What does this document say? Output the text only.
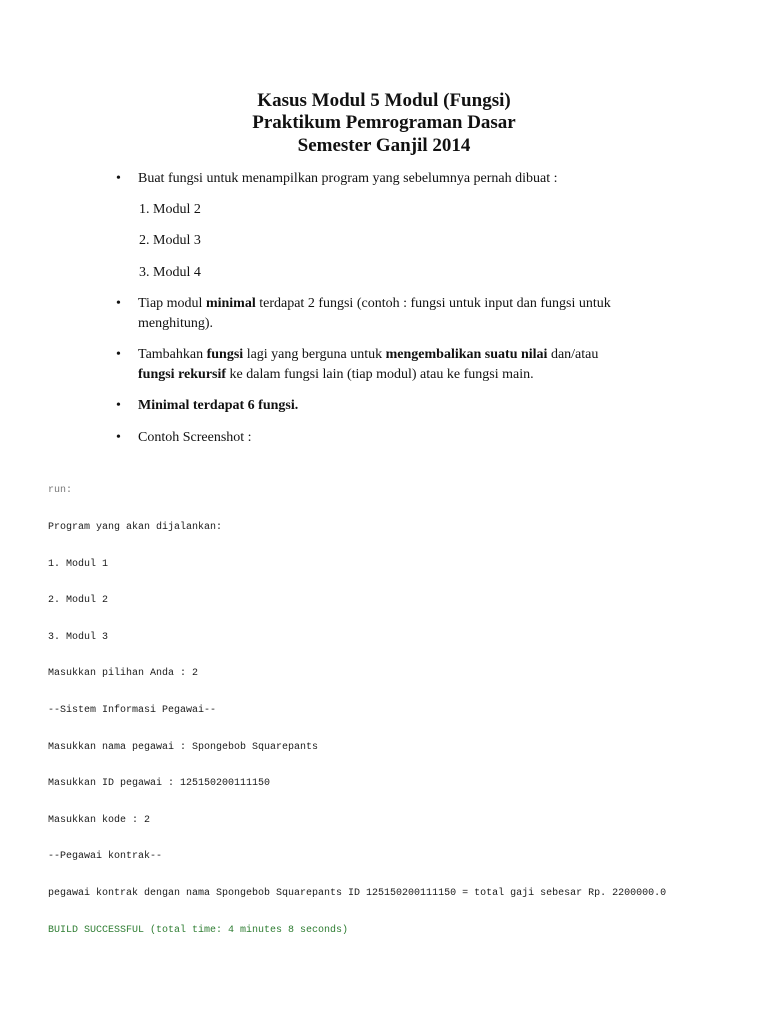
Kasus Modul 5 Modul (Fungsi)
Praktikum Pemrograman Dasar
Semester Ganjil 2014
•	Buat fungsi untuk menampilkan program yang sebelumnya pernah dibuat :
1. Modul 2
2. Modul 3
3. Modul 4
•	Tiap modul minimal terdapat 2 fungsi (contoh : fungsi untuk input dan fungsi untuk
menghitung).
•	Tambahkan fungsi lagi yang berguna untuk mengembalikan suatu nilai dan/atau
fungsi rekursif ke dalam fungsi lain (tiap modul) atau ke fungsi main.
•	Minimal terdapat 6 fungsi.
•	Contoh Screenshot :

run:

Program yang akan dijalankan:

1. Modul 1

2. Modul 2

3. Modul 3

Masukkan pilihan Anda : 2

--Sistem Informasi Pegawai--

Masukkan nama pegawai : Spongebob Squarepants

Masukkan ID pegawai : 125150200111150

Masukkan kode : 2

--Pegawai kontrak--

pegawai kontrak dengan nama Spongebob Squarepants ID 125150200111150 = total gaji sebesar Rp. 2200000.0

BUILD SUCCESSFUL (total time: 4 minutes 8 seconds)
